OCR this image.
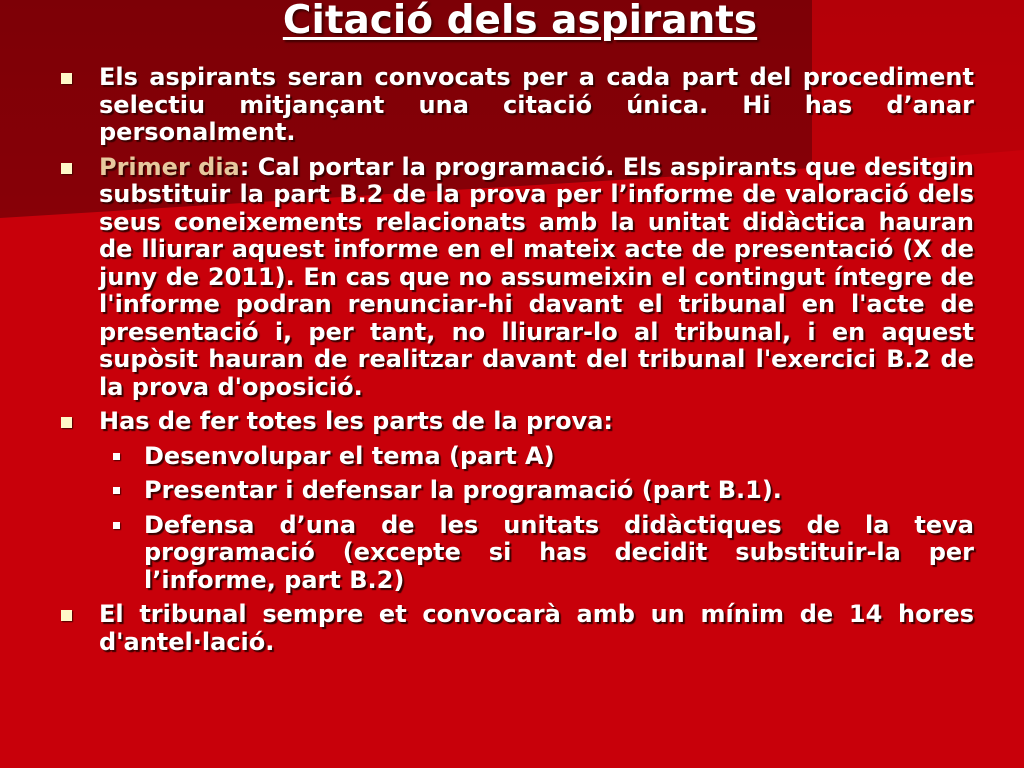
Citació dels aspirants
Els aspirants seran convocats per a cada part del procediment selectiu mitjançant una citació única. Hi has d’anar personalment.
Primer dia: Cal portar la programació. Els aspirants que desitgin substituir la part B.2 de la prova per l’informe de valoració dels seus coneixements relacionats amb la unitat didàctica hauran de lliurar aquest informe en el mateix acte de presentació (X de juny de 2011). En cas que no assumeixin el contingut íntegre de l'informe podran renunciar-hi davant el tribunal en l'acte de presentació i, per tant, no lliurar-lo al tribunal, i en aquest supòsit hauran de realitzar davant del tribunal l'exercici B.2 de la prova d'oposició.
Has de fer totes les parts de la prova:
Desenvolupar el tema (part A)
Presentar i defensar la programació (part B.1).
Defensa d’una de les unitats didàctiques de la teva programació (excepte si has decidit substituir-la per l’informe, part B.2)
El tribunal sempre et convocarà amb un mínim de 14 hores d'antel·lació.
